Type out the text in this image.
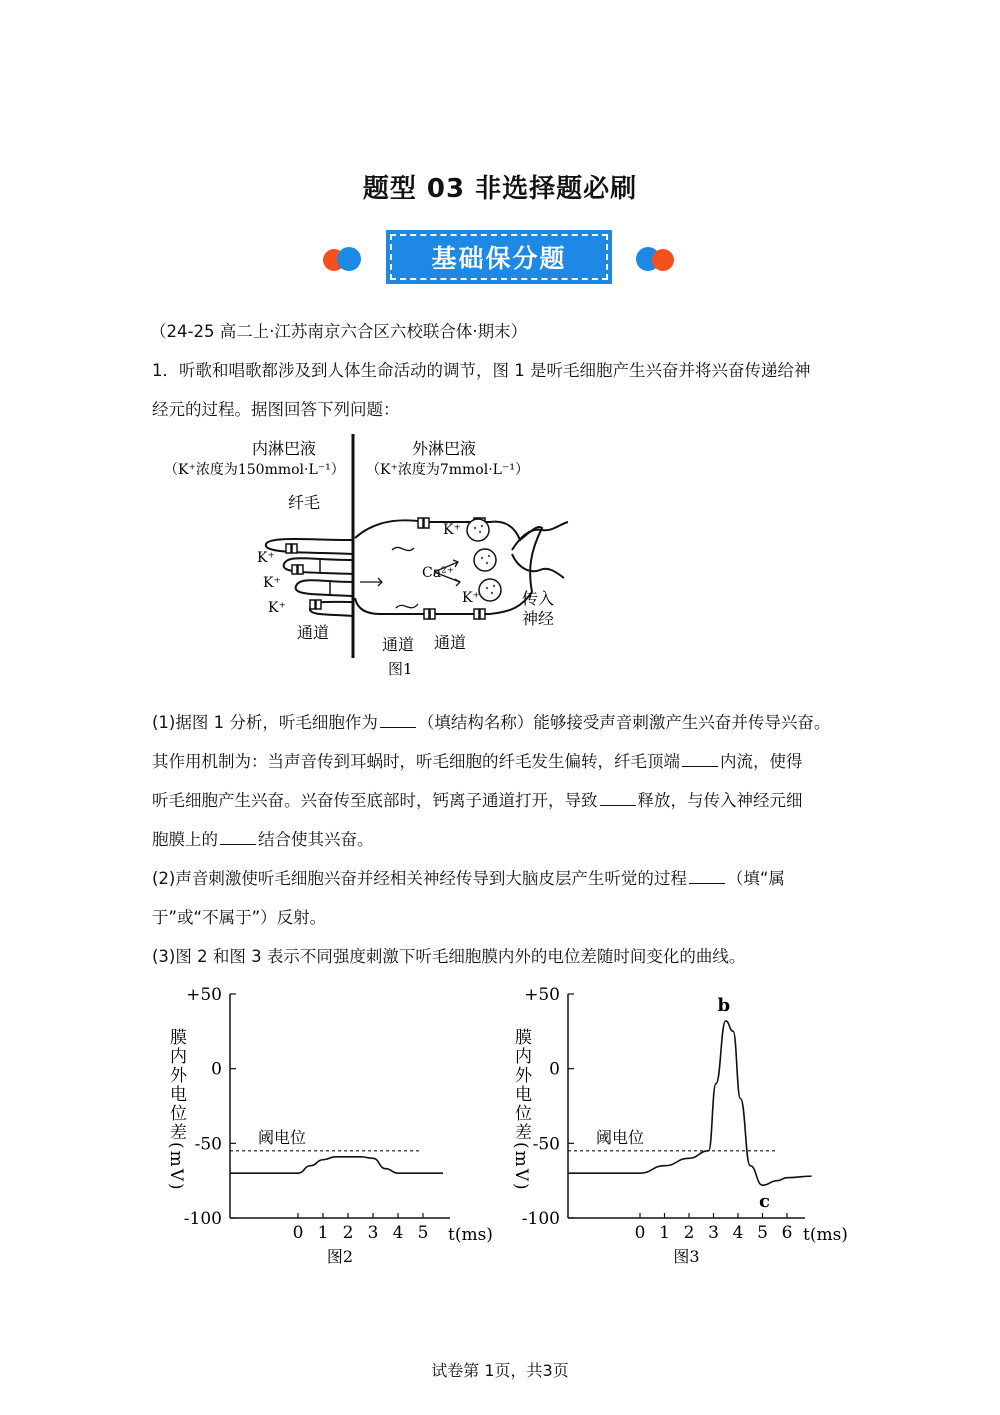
题型 03 非选择题必刷
基础保分题
（24-25 高二上·江苏南京六合区六校联合体·期末）
1．听歌和唱歌都涉及到人体生命活动的调节，图 1 是听毛细胞产生兴奋并将兴奋传递给神
经元的过程。据图回答下列问题：
内淋巴液
（K⁺浓度为150mmol·L⁻¹）
外淋巴液
（K⁺浓度为7mmol·L⁻¹）
纤毛
K⁺
K⁺
K⁺
K⁺
K⁺
Ca²⁺
通道
通道 通道
传入
神经
图1
(1)据图 1 分析，听毛细胞作为 （填结构名称）能够接受声音刺激产生兴奋并传导兴奋。
其作用机制为：当声音传到耳蜗时，听毛细胞的纤毛发生偏转，纤毛顶端 内流，使得
听毛细胞产生兴奋。兴奋传至底部时，钙离子通道打开，导致 释放，与传入神经元细
胞膜上的 结合使其兴奋。
(2)声音刺激使听毛细胞兴奋并经相关神经传导到大脑皮层产生听觉的过程 （填“属
于”或“不属于”）反射。
(3)图 2 和图 3 表示不同强度刺激下听毛细胞膜内外的电位差随时间变化的曲线。
+50
0
-50
-100
0 1 2 3 4 5 t(ms)
膜内外电位差(mV)	阈电位
图2
+50
0
-50
-100
0 1 2 3 4 5 6 t(ms)
膜内外电位差(mV)	阈电位
b
c
图3
试卷第 1页，共3页
